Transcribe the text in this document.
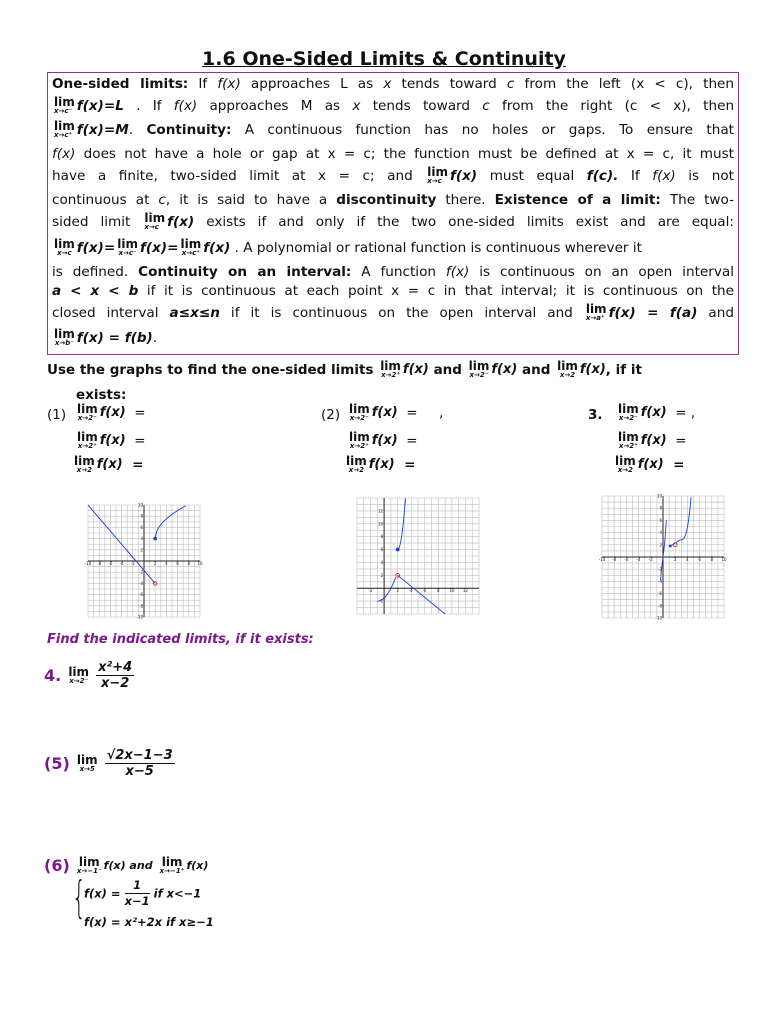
1.6 One-Sided Limits & Continuity
One-sided limits: If f(x) approaches L as x tends toward c from the left (x < c), then
lim
x→c⁻ f(x)=L . If f(x) approaches M as x tends toward c from the right (c < x), then
lim
x→c⁺ f(x)=M. Continuity: A continuous function has no holes or gaps. To ensure that
f(x) does not have a hole or gap at x = c; the function must be defined at x = c, it must
have a finite, two-sided limit at x = c; and lim
x→c f(x) must equal f(c). If f(x) is not
continuous at c, it is said to have a discontinuity there. Existence of a limit: The two-
sided limit lim
x→c f(x) exists if and only if the two one-sided limits exist and are equal:
lim
x→c f(x)= lim
x→c⁻ f(x)= lim
x→c⁺ f(x) . A polynomial or rational function is continuous wherever it
is defined. Continuity on an interval: A function f(x) is continuous on an open interval
a < x < b if it is continuous at each point x = c in that interval; it is continuous on the
closed interval a≤x≤n if it is continuous on the open interval and lim
x→a⁺ f(x) = f(a) and
lim
x→b⁻ f(x) = f(b).
Use the graphs to find the one-sided limits lim
x→2⁺ f(x) and lim
x→2⁻ f(x) and lim
x→2 f(x), if it
exists:
(1) lim
x→2⁻ f(x) =
lim
x→2⁺ f(x) =
lim
x→2 f(x) =
(2) lim
x→2⁻ f(x) =     ,
lim
x→2⁺ f(x) =
lim
x→2 f(x) =
3. lim
x→2⁻ f(x) = ,
lim
x→2⁺ f(x) =
lim
x→2 f(x) =
-10 -8 -6 -4 -2	2 4 6 8 10
10
8
6
4
2
-2
-4
-6
-8
-10
-2	2	4	6	8 10 12
12
10
8
6
4
2
-2
-10 -8 -6 -4 -2	2 4 6 8 10
10
8
6
4
2
-2
-4
-6
-8
-10
Find the indicated limits, if it exists:
4. lim
x→2⁻
$\frac{\text{x²+4}}{x-2}$
(5) lim
x→5
$\frac{√2x-1-3}{x-5}$
(6) lim
x→−1⁻ f(x) and lim
x→−1⁺ f(x)
{
$f(x) = \frac{1}{x-1}$ if x<−1
f(x) = x²+2x if x≥−1
